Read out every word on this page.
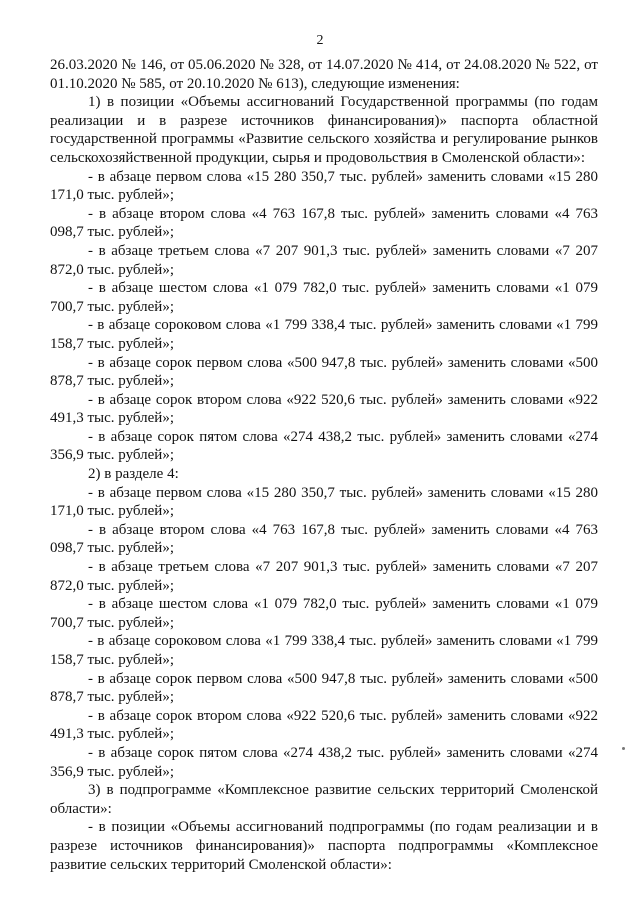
2

26.03.2020 № 146, от 05.06.2020 № 328, от 14.07.2020 № 414, от 24.08.2020 № 522, от 01.10.2020 № 585, от 20.10.2020 № 613), следующие изменения:

1) в позиции «Объемы ассигнований Государственной программы (по годам реализации и в разрезе источников финансирования)» паспорта областной государственной программы «Развитие сельского хозяйства и регулирование рынков сельскохозяйственной продукции, сырья и продовольствия в Смоленской области»:

- в абзаце первом слова «15 280 350,7 тыс. рублей» заменить словами «15 280 171,0 тыс. рублей»;

- в абзаце втором слова «4 763 167,8 тыс. рублей» заменить словами «4 763 098,7 тыс. рублей»;

- в абзаце третьем слова «7 207 901,3 тыс. рублей» заменить словами «7 207 872,0 тыс. рублей»;

- в абзаце шестом слова «1 079 782,0 тыс. рублей» заменить словами «1 079 700,7 тыс. рублей»;

- в абзаце сороковом слова «1 799 338,4 тыс. рублей» заменить словами «1 799 158,7 тыс. рублей»;

- в абзаце сорок первом слова «500 947,8 тыс. рублей» заменить словами «500 878,7 тыс. рублей»;

- в абзаце сорок втором слова «922 520,6 тыс. рублей» заменить словами «922 491,3 тыс. рублей»;

- в абзаце сорок пятом слова «274 438,2 тыс. рублей» заменить словами «274 356,9 тыс. рублей»;

2) в разделе 4:

- в абзаце первом слова «15 280 350,7 тыс. рублей» заменить словами «15 280 171,0 тыс. рублей»;

- в абзаце втором слова «4 763 167,8 тыс. рублей» заменить словами «4 763 098,7 тыс. рублей»;

- в абзаце третьем слова «7 207 901,3 тыс. рублей» заменить словами «7 207 872,0 тыс. рублей»;

- в абзаце шестом слова «1 079 782,0 тыс. рублей» заменить словами «1 079 700,7 тыс. рублей»;

- в абзаце сороковом слова «1 799 338,4 тыс. рублей» заменить словами «1 799 158,7 тыс. рублей»;

- в абзаце сорок первом слова «500 947,8 тыс. рублей» заменить словами «500 878,7 тыс. рублей»;

- в абзаце сорок втором слова «922 520,6 тыс. рублей» заменить словами «922 491,3 тыс. рублей»;

- в абзаце сорок пятом слова «274 438,2 тыс. рублей» заменить словами «274 356,9 тыс. рублей»;

3) в подпрограмме «Комплексное развитие сельских территорий Смоленской области»:

- в позиции «Объемы ассигнований подпрограммы (по годам реализации и в разрезе источников финансирования)» паспорта подпрограммы «Комплексное развитие сельских территорий Смоленской области»:
